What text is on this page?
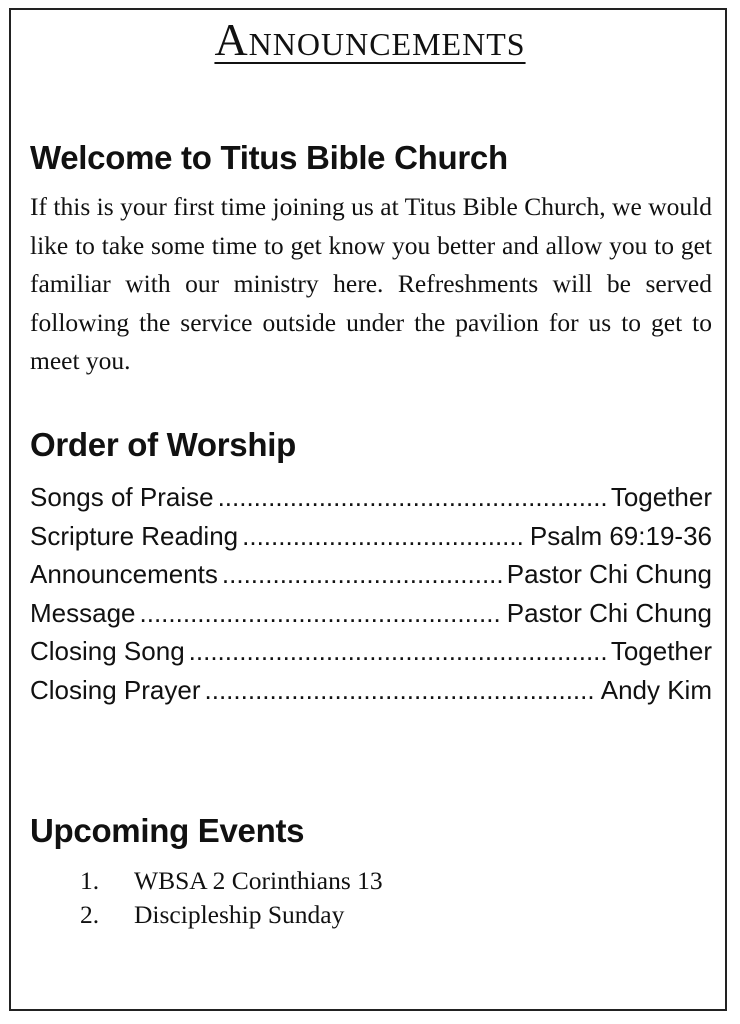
Announcements
Welcome to Titus Bible Church

If this is your first time joining us at Titus Bible Church, we would like to take some time to get know you better and allow you to get familiar with our ministry here. Refreshments will be served following the service outside under the pavilion for us to get to meet you.

Order of Worship
Songs of Praise .....	Together
Scripture Reading .....	Psalm 69:19-36
Announcements .....	Pastor Chi Chung
Message .....	Pastor Chi Chung
Closing Song .....	Together
Closing Prayer .....	Andy Kim
Upcoming Events
1.	WBSA 2 Corinthians 13
2.	Discipleship Sunday
